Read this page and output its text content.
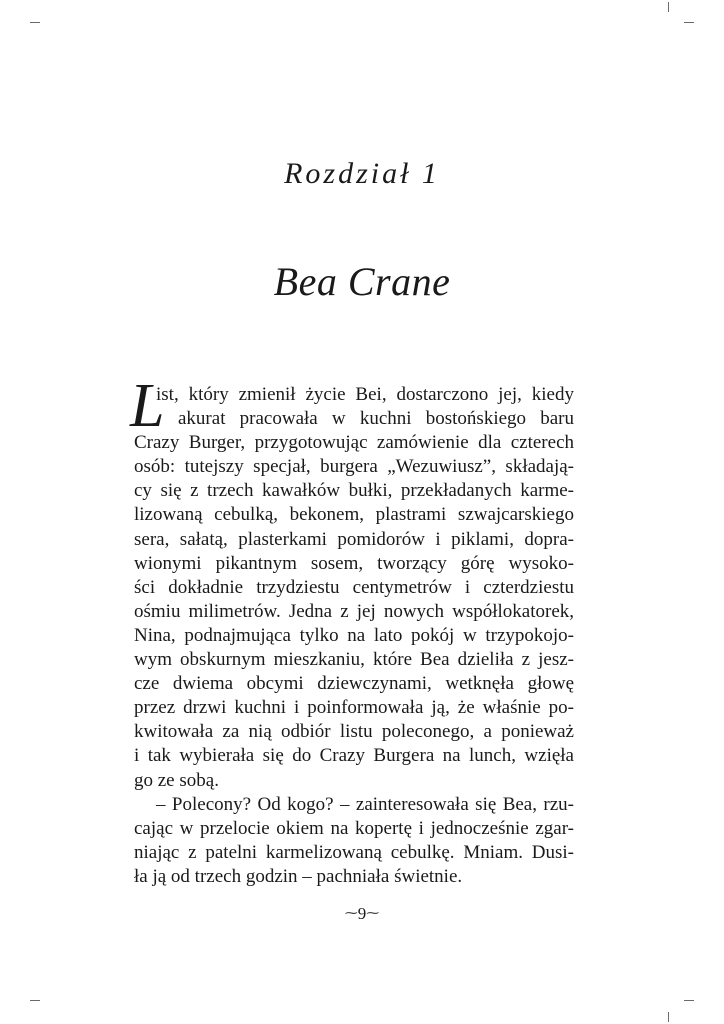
Rozdział 1
Bea Crane
L
ist, który zmienił życie Bei, dostarczono jej, kiedy
akurat pracowała w kuchni bostońskiego baru
Crazy Burger, przygotowując zamówienie dla czterech
osób: tutejszy specjał, burgera „Wezuwiusz”, składają-
cy się z trzech kawałków bułki, przekładanych karme-
lizowaną cebulką, bekonem, plastrami szwajcarskiego
sera, sałatą, plasterkami pomidorów i piklami, dopra-
wionymi pikantnym sosem, tworzący górę wysoko-
ści dokładnie trzydziestu centymetrów i czterdziestu
ośmiu milimetrów. Jedna z jej nowych współlokatorek,
Nina, podnajmująca tylko na lato pokój w trzypokojo-
wym obskurnym mieszkaniu, które Bea dzieliła z jesz-
cze dwiema obcymi dziewczynami, wetknęła głowę
przez drzwi kuchni i poinformowała ją, że właśnie po-
kwitowała za nią odbiór listu poleconego, a ponieważ
i tak wybierała się do Crazy Burgera na lunch, wzięła
go ze sobą.
– Polecony? Od kogo? – zainteresowała się Bea, rzu-
cając w przelocie okiem na kopertę i jednocześnie zgar-
niając z patelni karmelizowaną cebulkę. Mniam. Dusi-
ła ją od trzech godzin – pachniała świetnie.
⁓9⁓
